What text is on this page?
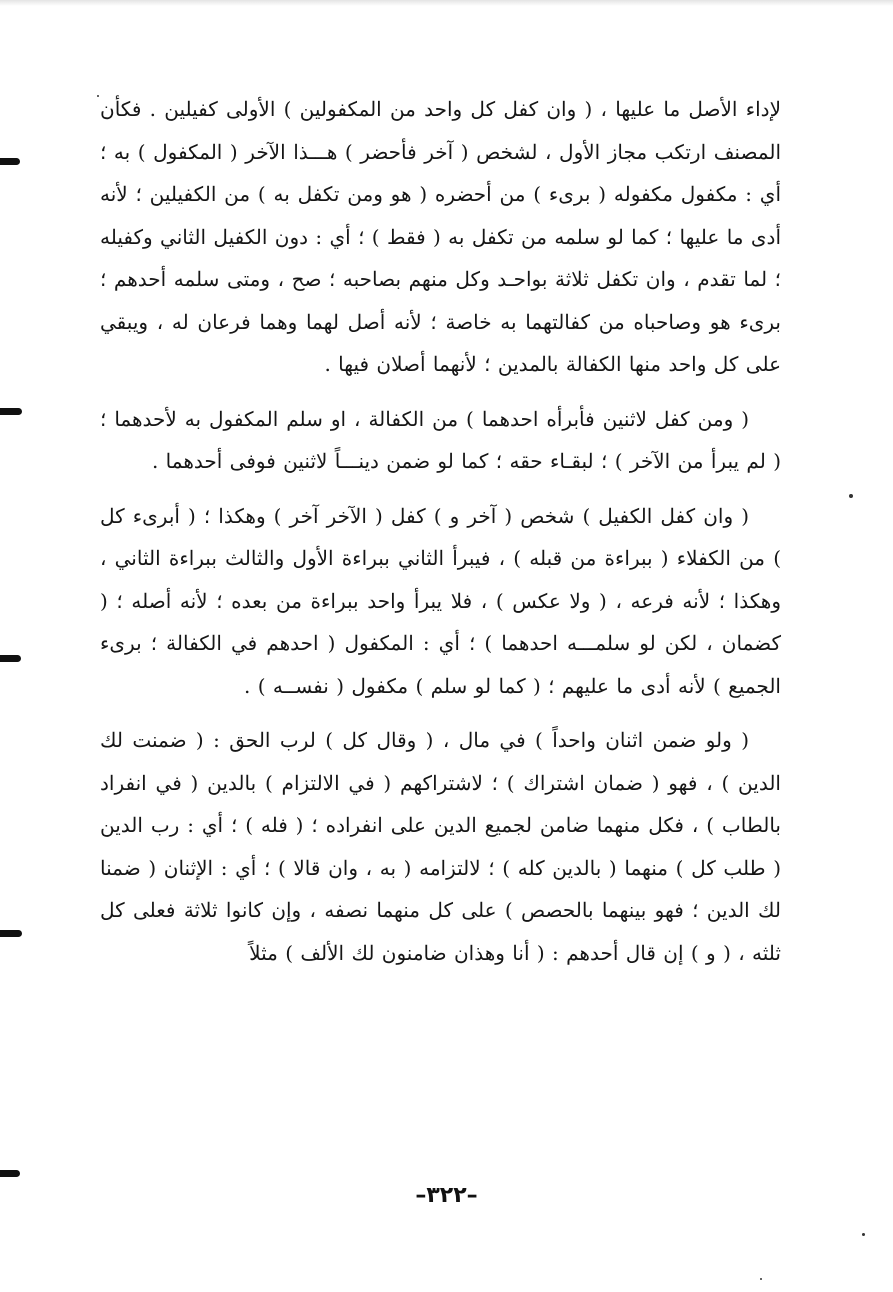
لإداء الأصل ما عليها ، ( وان كفل كل واحد من المكفولين ) الأولى كفيلين . فكأن المصنف ارتكب مجاز الأول ، لشخص ( آخر فأحضر ) هـــذا الآخر ( المكفول ) به ؛ أي : مكفول مكفوله ( برىء ) من أحضره ( هو ومن تكفل به ) من الكفيلين ؛ لأنه أدى ما عليها ؛ كما لو سلمه من تكفل به ( فقط ) ؛ أي : دون الكفيل الثاني وكفيله ؛ لما تقدم ، وان تكفل ثلاثة بواحـد وكل منهم بصاحبه ؛ صح ، ومتى سلمه أحدهم ؛ برىء هو وصاحباه من كفالتهما به خاصة ؛ لأنه أصل لهما وهما فرعان له ، ويبقي على كل واحد منها الكفالة بالمدين ؛ لأنهما أصلان فيها .

( ومن كفل لاثنين فأبرأه احدهما ) من الكفالة ، او سلم المكفول به لأحدهما ؛ ( لم يبرأ من الآخر ) ؛ لبقـاء حقه ؛ كما لو ضمن دينـــاً لاثنين فوفى أحدهما .

( وان كفل الكفيل ) شخص ( آخر و ) كفل ( الآخر آخر ) وهكذا ؛ ( أبرىء كل ) من الكفلاء ( ببراءة من قبله ) ، فيبرأ الثاني ببراءة الأول والثالث ببراءة الثاني ، وهكذا ؛ لأنه فرعه ، ( ولا عكس ) ، فلا يبرأ واحد ببراءة من بعده ؛ لأنه أصله ؛ ( كضمان ، لكن لو سلمـــه احدهما ) ؛ أي : المكفول ( احدهم في الكفالة ؛ برىء الجميع ) لأنه أدى ما عليهم ؛ ( كما لو سلم ) مكفول ( نفســه ) .

( ولو ضمن اثنان واحداً ) في مال ، ( وقال كل ) لرب الحق : ( ضمنت لك الدين ) ، فهو ( ضمان اشتراك ) ؛ لاشتراكهم ( في الالتزام ) بالدين ( في انفراد بالطاب ) ، فكل منهما ضامن لجميع الدين على انفراده ؛ ( فله ) ؛ أي : رب الدين ( طلب كل ) منهما ( بالدين كله ) ؛ لالتزامه ( به ، وان قالا ) ؛ أي : الإثنان ( ضمنا لك الدين ؛ فهو بينهما بالحصص ) على كل منهما نصفه ، وإن كانوا ثلاثة فعلى كل ثلثه ، ( و ) إن قال أحدهم : ( أنا وهذان ضامنون لك الألف ) مثلاً

–٣٢٢–
